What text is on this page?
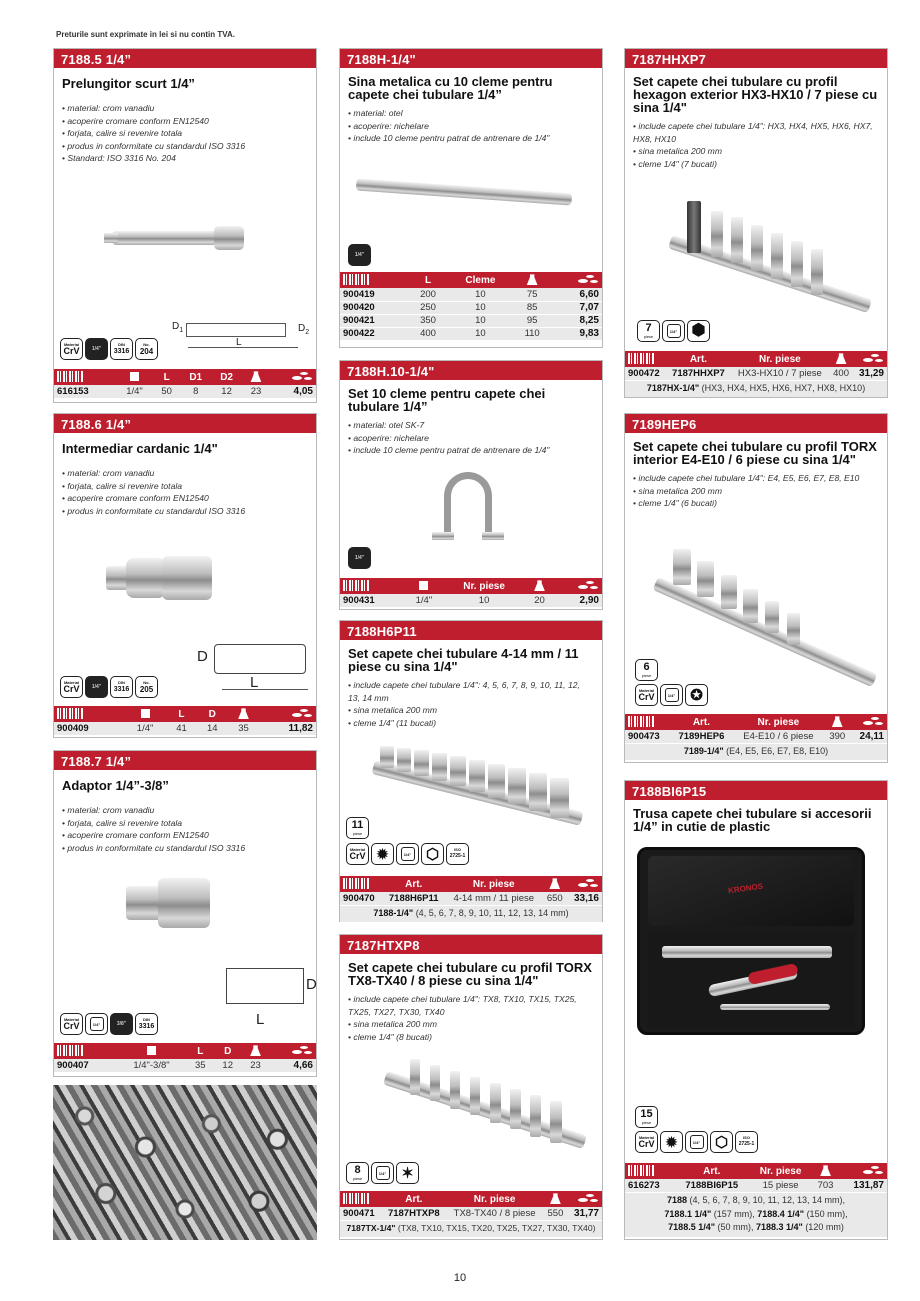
Preturile sunt exprimate in lei si nu contin TVA.
7188.5 1/4”
Prelungitor scurt 1/4”
• material: crom vanadiu
• acoperire cromare conform EN12540
• forjata, calire si revenire totala
• produs in conformitate cu standardul ISO 3316
• Standard: ISO 3316 No. 204
$D_1$	$D_2$
L
Material
CrV 1/4"
DIN
3316
No.
204
		L	D1	D2		

616153	1/4"	50	8	12	23	4,05
7188.6 1/4”
Intermediar cardanic 1/4"
• material: crom vanadiu
• forjata, calire si revenire totala
• acoperire cromare conform EN12540
• produs in conformitate cu standardul ISO 3316
D
L
Material
CrV 1/4"
DIN
3316
No.
205
		L	D		

900409	1/4"	41	14	35	11,82
7188.7 1/4”
Adaptor 1/4”-3/8”
• material: crom vanadiu
• forjata, calire si revenire totala
• acoperire cromare conform EN12540
• produs in conformitate cu standardul ISO 3316
D
L
Material
CrV	1/4"	3/8"
DIN
3316
		L	D		

900407	1/4"-3/8"	35	12	23	4,66
7188H-1/4"
Sina metalica cu 10 cleme pentru capete chei tubulare 1/4”
• material: otel
• acoperire: nichelare
• include 10 cleme pentru patrat de antrenare de 1/4"
1/4"
	L	Cleme		

900419	200	10	75	6,60
900420	250	10	85	7,07
900421	350	10	95	8,25
900422	400	10	110	9,83
7188H.10-1/4"
Set 10 cleme pentru capete chei tubulare 1/4”
• material: otel SK-7
• acoperire: nichelare
• include 10 cleme pentru patrat de antrenare de 1/4"
1/4"
		Nr. piese		

900431	1/4"	10	20	2,90
7188H6P11
Set capete chei tubulare 4-14 mm / 11 piese cu sina 1/4"
• include capete chei tubulare 1/4": 4, 5, 6, 7, 8, 9, 10, 11, 12, 13, 14 mm
• sina metalica 200 mm
• cleme 1/4" (11 bucati)
11
piese
Material
CrV ✹	1/4" ⬡	ISO
2725-1
	Art.	Nr. piese		

900470	7188H6P11	4-14 mm / 11 piese	650	33,16
7188-1/4" (4, 5, 6, 7, 8, 9, 10, 11, 12, 13, 14 mm)
7187HTXP8
Set capete chei tubulare cu profil TORX TX8-TX40 / 8 piese cu sina 1/4"
• include capete chei tubulare 1/4": TX8, TX10, TX15, TX25, TX25, TX27, TX30, TX40
• sina metalica 200 mm
• cleme 1/4" (8 bucati)
8
piese
1/4" ✶
	Art.	Nr. piese		

900471	7187HTXP8	TX8-TX40 / 8 piese	550	31,77
7187TX-1/4" (TX8, TX10, TX15, TX20, TX25, TX27, TX30, TX40)
7187HHXP7
Set capete chei tubulare cu profil hexagon exterior HX3-HX10 / 7 piese cu sina 1/4"
• include capete chei tubulare 1/4": HX3, HX4, HX5, HX6, HX7, HX8, HX10
• sina metalica 200 mm
• cleme 1/4" (7 bucati)
7
piese
1/4" ⬢
	Art.	Nr. piese		

900472	7187HHXP7	HX3-HX10 / 7 piese	400	31,29
7187HX-1/4" (HX3, HX4, HX5, HX6, HX7, HX8, HX10)
7189HEP6
Set capete chei tubulare cu profil TORX interior E4-E10 / 6 piese cu sina 1/4"
• include capete chei tubulare 1/4": E4, E5, E6, E7, E8, E10
• sina metalica 200 mm
• cleme 1/4" (6 bucati)
6
piese
Material
CrV	1/4" ✪
	Art.	Nr. piese		

900473	7189HEP6	E4-E10 / 6 piese	390	24,11
7189-1/4" (E4, E5, E6, E7, E8, E10)
7188BI6P15
Trusa capete chei tubulare si accesorii 1/4” in cutie de plastic
KRONOS
15
piese
Material
CrV ✹	1/4" ⬡	ISO
2725-1
	Art.	Nr. piese		

616273	7188BI6P15	15 piese	703	131,87
7188 (4, 5, 6, 7, 8, 9, 10, 11, 12, 13, 14 mm),
7188.1 1/4" (157 mm), 7188.4 1/4" (150 mm),
7188.5 1/4" (50 mm), 7188.3 1/4" (120 mm)
10
